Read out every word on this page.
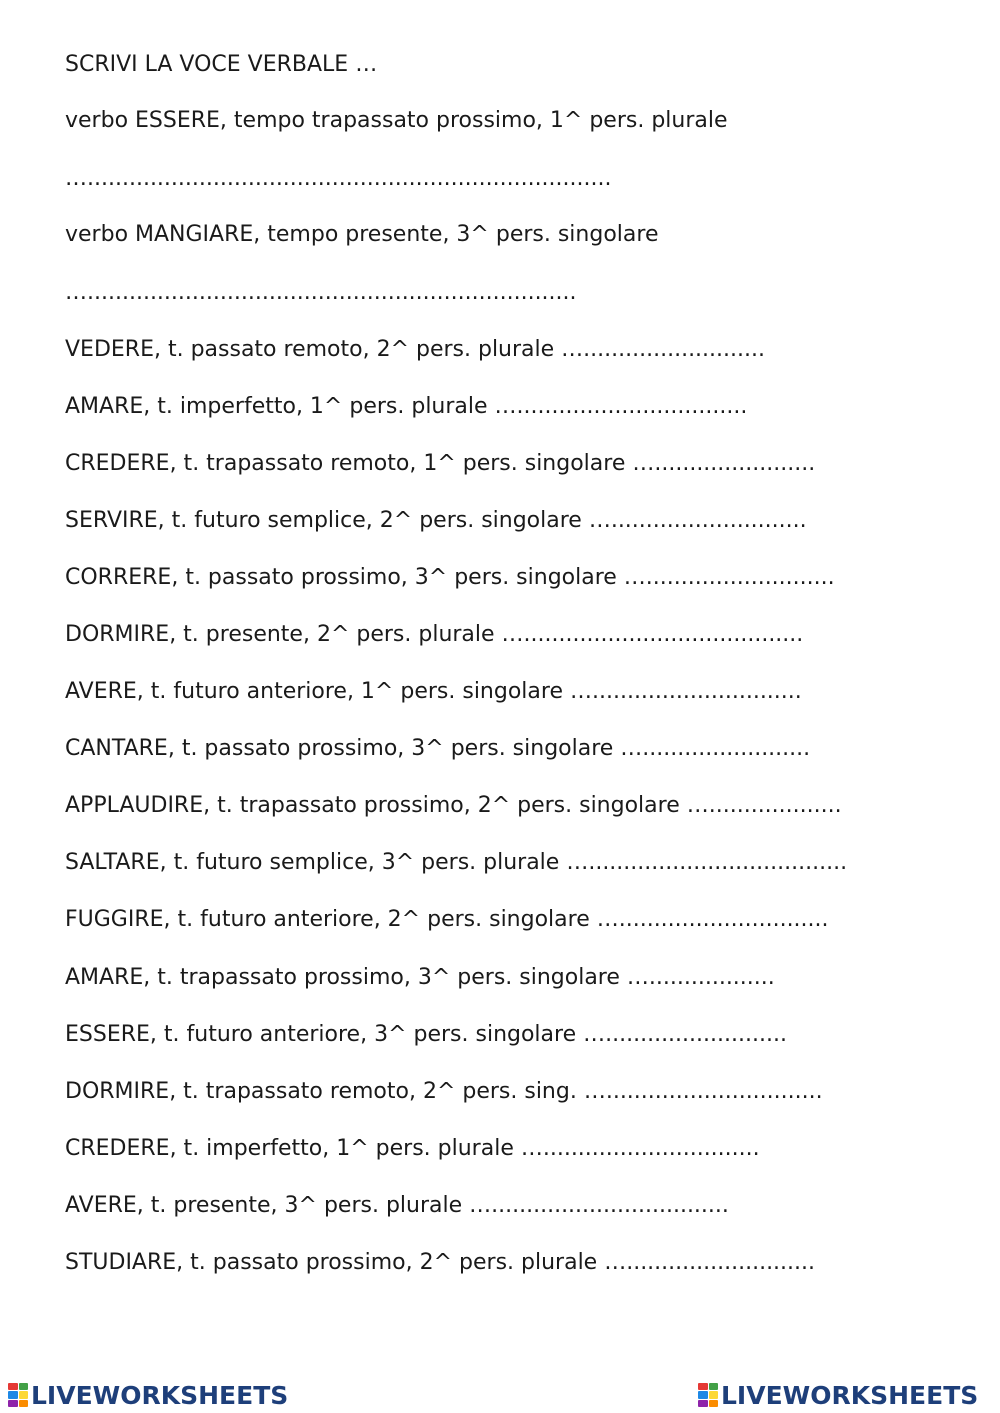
SCRIVI LA VOCE VERBALE …
verbo ESSERE, tempo trapassato prossimo, 1^ pers. plurale
…...........................................................................
verbo MANGIARE, tempo presente, 3^ pers. singolare
…......................................................................
VEDERE, t. passato remoto, 2^ pers. plurale …..........................
AMARE, t. imperfetto, 1^ pers. plurale ….................................
CREDERE, t. trapassato remoto, 1^ pers. singolare ….......................
SERVIRE, t. futuro semplice, 2^ pers. singolare …............................
CORRERE, t. passato prossimo, 3^ pers. singolare …...........................
DORMIRE, t. presente, 2^ pers. plurale …........................................
AVERE, t. futuro anteriore, 1^ pers. singolare …..............................
CANTARE, t. passato prossimo, 3^ pers. singolare …........................
APPLAUDIRE, t. trapassato prossimo, 2^ pers. singolare …...................
SALTARE, t. futuro semplice, 3^ pers. plurale ….....................................
FUGGIRE, t. futuro anteriore, 2^ pers. singolare …..............................
AMARE, t. trapassato prossimo, 3^ pers. singolare …..................
ESSERE, t. futuro anteriore, 3^ pers. singolare …..........................
DORMIRE, t. trapassato remoto, 2^ pers. sing. …...............................
CREDERE, t. imperfetto, 1^ pers. plurale …...............................
AVERE, t. presente, 3^ pers. plurale …..................................
STUDIARE, t. passato prossimo, 2^ pers. plurale …...........................
LIVEWORKSHEETS	LIVEWORKSHEETS
